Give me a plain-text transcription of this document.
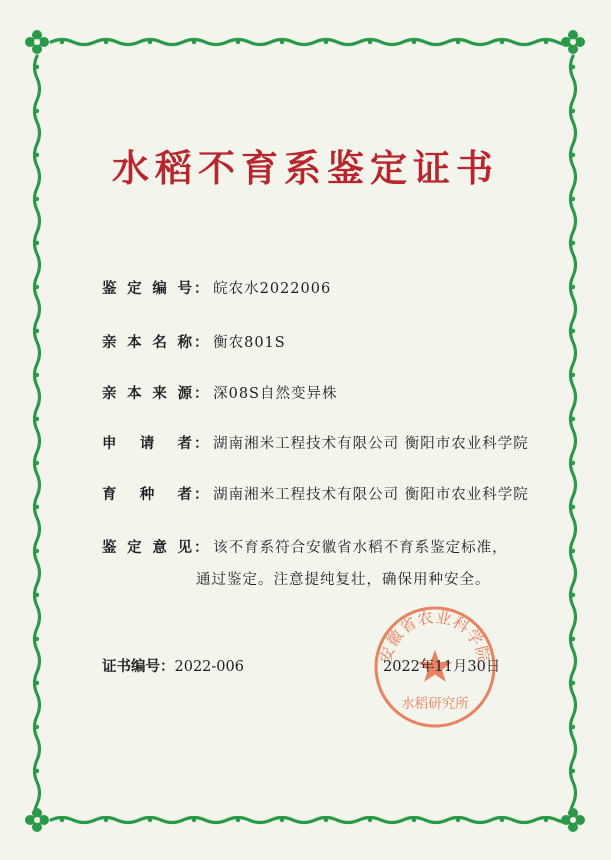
水稻不育系鉴定证书
鉴定编号 ： 皖农水2022006
亲本名称 ： 衡农801S
亲本来源 ： 深08S自然变异株
申请者 ： 湖南湘米工程技术有限公司 衡阳市农业科学院
育种者 ： 湖南湘米工程技术有限公司 衡阳市农业科学院
鉴定意见 ： 该不育系符合安徽省水稻不育系鉴定标准，
通过鉴定。注意提纯复壮，确保用种安全。
证书编号：2022-006
安徽省农业科学院
水稻研究所
2022年11月30日
